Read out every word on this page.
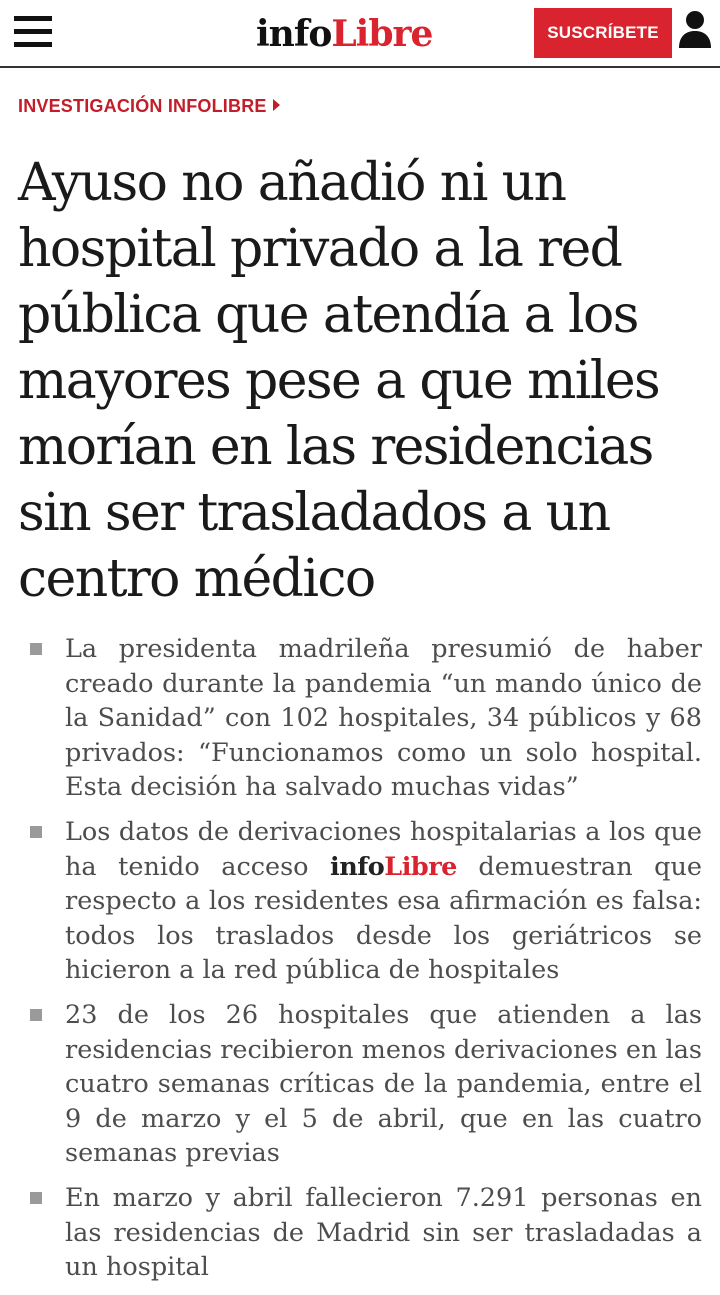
infoLibre	SUSCRÍBETE
INVESTIGACIÓN INFOLIBRE
Ayuso no añadió ni un hospital privado a la red pública que atendía a los mayores pese a que miles morían en las residencias sin ser trasladados a un centro médico
La presidenta madrileña presumió de haber creado durante la pandemia “un mando único de la Sanidad” con 102 hospitales, 34 públicos y 68 privados: “Funcionamos como un solo hospital. Esta decisión ha salvado muchas vidas”
Los datos de derivaciones hospitalarias a los que ha tenido acceso infoLibre demuestran que respecto a los residentes esa afirmación es falsa: todos los traslados desde los geriátricos se hicieron a la red pública de hospitales
23 de los 26 hospitales que atienden a las residencias recibieron menos derivaciones en las cuatro semanas críticas de la pandemia, entre el 9 de marzo y el 5 de abril, que en las cuatro semanas previas
En marzo y abril fallecieron 7.291 personas en las residencias de Madrid sin ser trasladadas a un hospital
